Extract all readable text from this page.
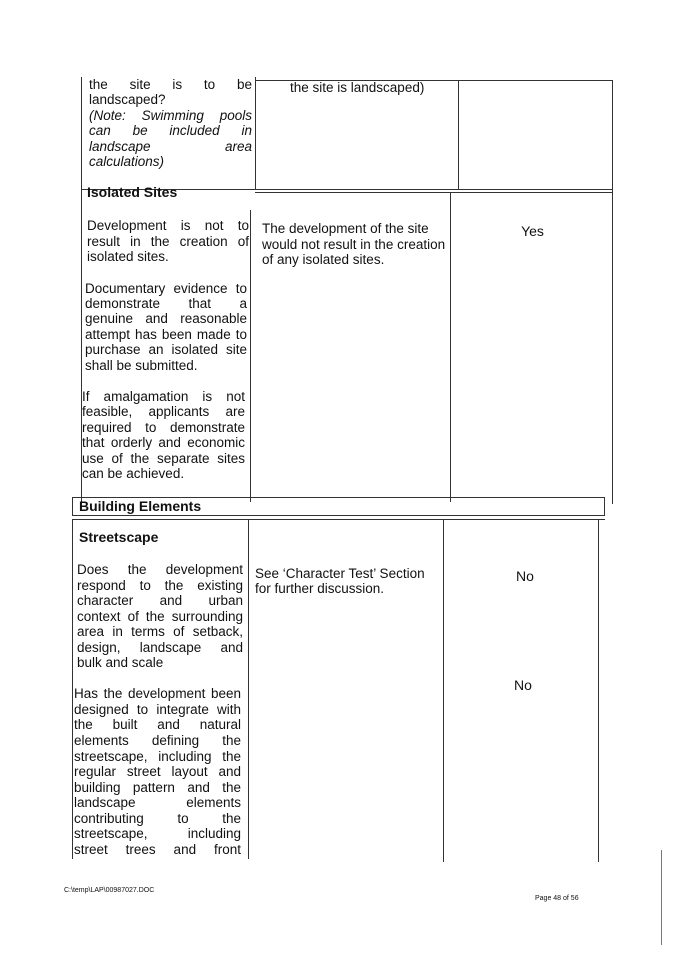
the site is to be
landscaped?
(Note: Swimming pools
can be included in
landscape area
calculations)
the site is landscaped)
Isolated Sites
Development is not to
result in the creation of
isolated sites.
Documentary evidence to
demonstrate that a
genuine and reasonable
attempt has been made to
purchase an isolated site
shall be submitted.
If amalgamation is not
feasible, applicants are
required to demonstrate
that orderly and economic
use of the separate sites
can be achieved.
The development of the site
would not result in the creation
of any isolated sites.
Yes
Building Elements
Streetscape
Does the development
respond to the existing
character and urban
context of the surrounding
area in terms of setback,
design, landscape and
bulk and scale
Has the development been
designed to integrate with
the built and natural
elements defining the
streetscape, including the
regular street layout and
building pattern and the
landscape elements
contributing to the
streetscape, including
street trees and front
See ‘Character Test’ Section
for further discussion.
No
No
C:\temp\LAP\00987027.DOC
Page 48 of 56
